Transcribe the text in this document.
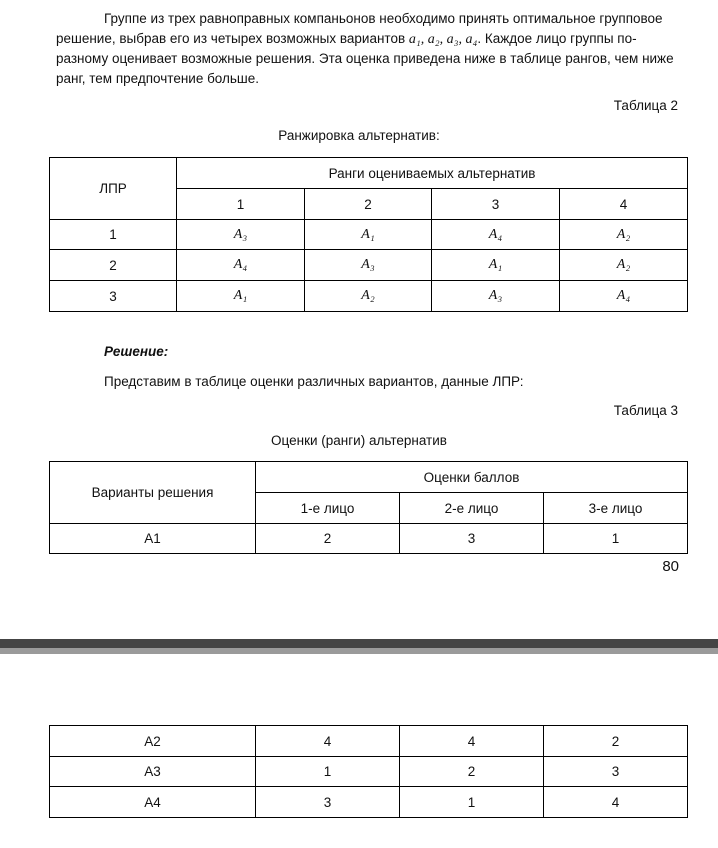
Группе из трех равноправных компаньонов необходимо принять оптимальное групповое
решение, выбрав его из четырех возможных вариантов a₁, a₂, a₃, a₄. Каждое лицо группы по-
разному оценивает возможные решения. Эта оценка приведена ниже в таблице рангов, чем ниже
ранг, тем предпочтение больше.
Таблица 2
Ранжировка альтернатив:
ЛПР	Ранги оцениваемых альтернатив			
	1	2	3	4
1	A₃	A₁	A₄	A₂
2	A₄	A₃	A₁	A₂
3	A₁	A₂	A₃	A₄
Решение:
Представим в таблице оценки различных вариантов, данные ЛПР:
Таблица 3
Оценки (ранги) альтернатив
Варианты решения	Оценки баллов		
	1-е лицо	2-е лицо	3-е лицо
A1	2	3	1
80
A2	4	4	2
A3	1	2	3
A4	3	1	4
